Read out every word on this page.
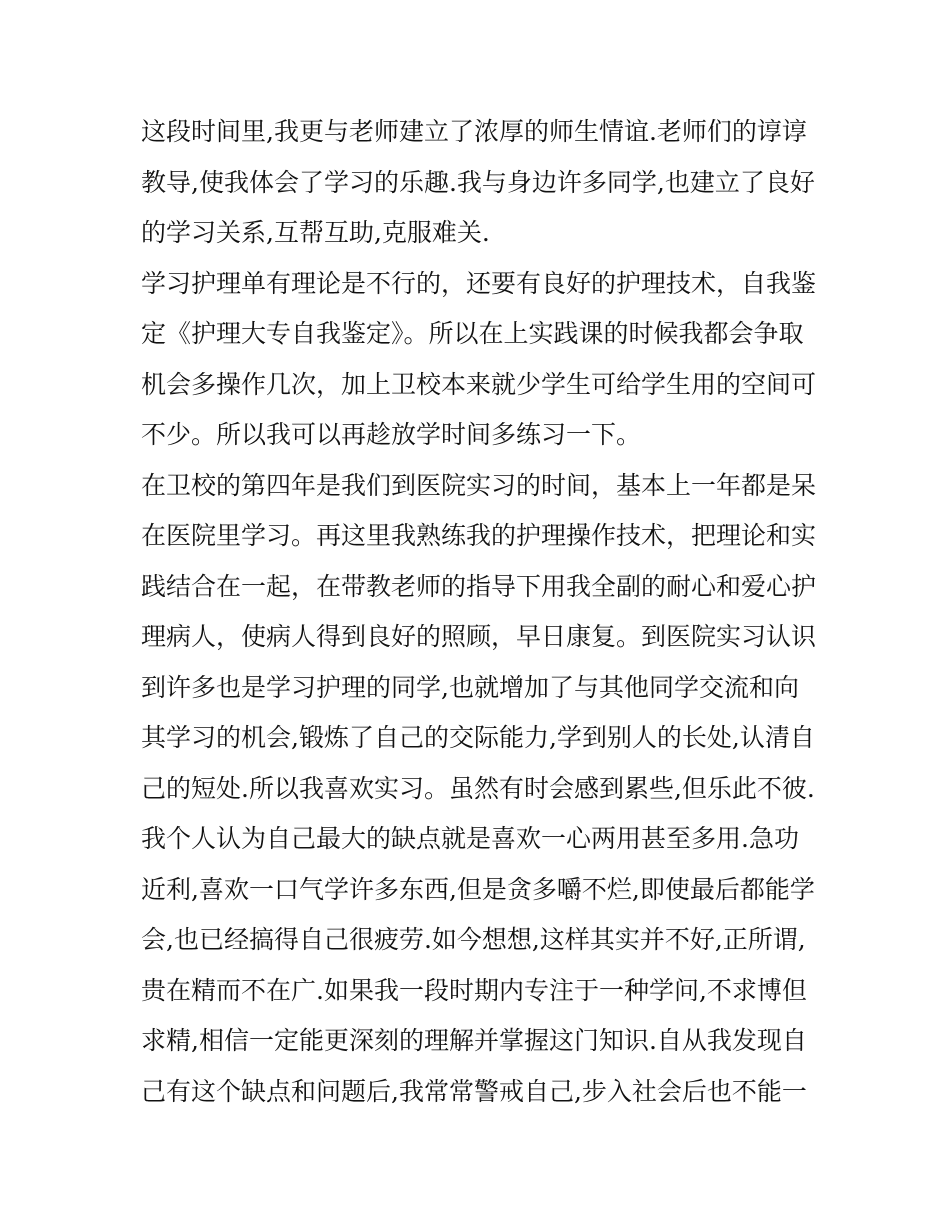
这段时间里,我更与老师建立了浓厚的师生情谊.老师们的谆谆
教导,使我体会了学习的乐趣.我与身边许多同学,也建立了良好
的学习关系,互帮互助,克服难关.
学习护理单有理论是不行的，还要有良好的护理技术，自我鉴
定《护理大专自我鉴定》。所以在上实践课的时候我都会争取
机会多操作几次，加上卫校本来就少学生可给学生用的空间可
不少。所以我可以再趁放学时间多练习一下。
在卫校的第四年是我们到医院实习的时间，基本上一年都是呆
在医院里学习。再这里我熟练我的护理操作技术，把理论和实
践结合在一起，在带教老师的指导下用我全副的耐心和爱心护
理病人，使病人得到良好的照顾，早日康复。到医院实习认识
到许多也是学习护理的同学,也就增加了与其他同学交流和向
其学习的机会,锻炼了自己的交际能力,学到别人的长处,认清自
己的短处.所以我喜欢实习。虽然有时会感到累些,但乐此不彼.
我个人认为自己最大的缺点就是喜欢一心两用甚至多用.急功
近利,喜欢一口气学许多东西,但是贪多嚼不烂,即使最后都能学
会,也已经搞得自己很疲劳.如今想想,这样其实并不好,正所谓,
贵在精而不在广.如果我一段时期内专注于一种学问,不求博但
求精,相信一定能更深刻的理解并掌握这门知识.自从我发现自
己有这个缺点和问题后,我常常警戒自己,步入社会后也不能一
